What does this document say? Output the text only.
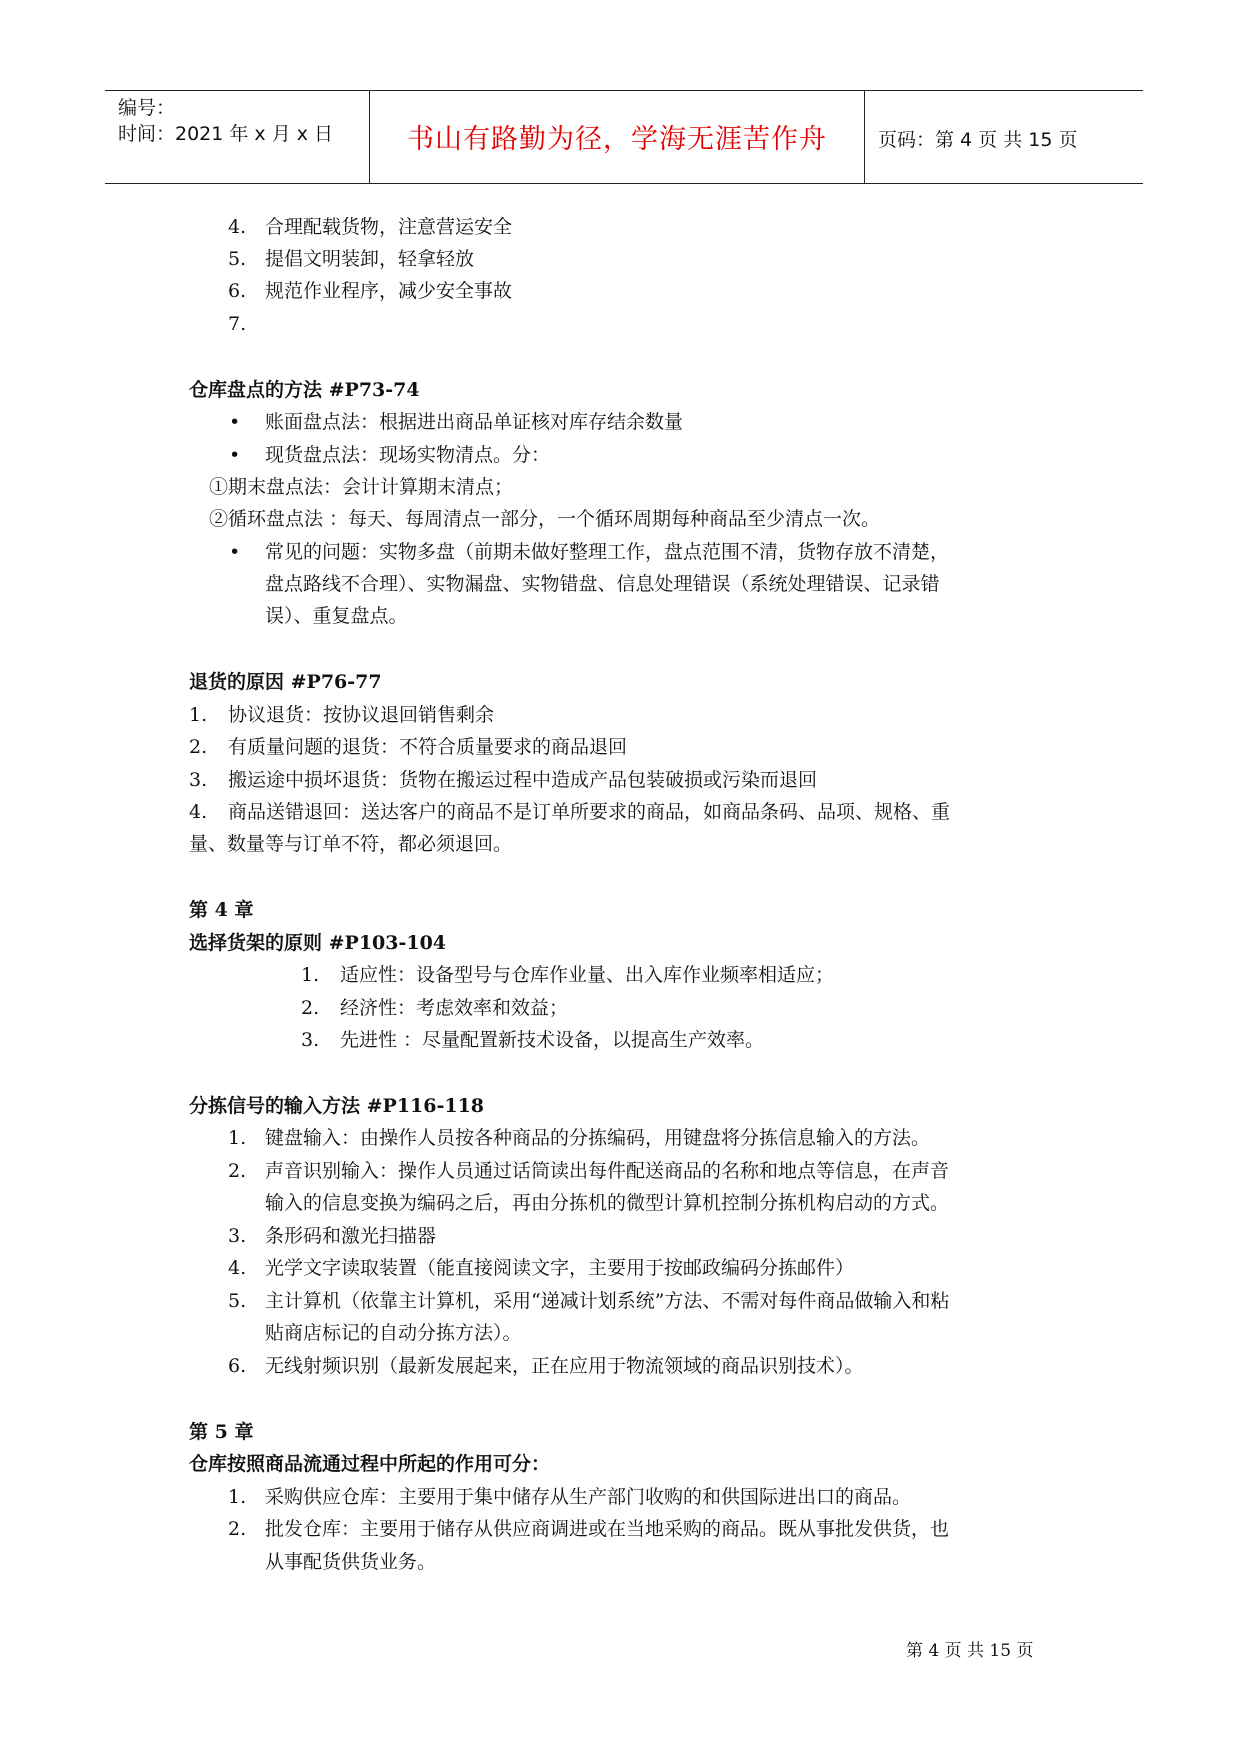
编号：
时间：2021 年 x 月 x 日	书山有路勤为径，学海无涯苦作舟	页码：第 4 页 共 15 页
4. 合理配载货物，注意营运安全
5. 提倡文明装卸，轻拿轻放
6. 规范作业程序，减少安全事故
7.
仓库盘点的方法 #P73-74
• 账面盘点法：根据进出商品单证核对库存结余数量
• 现货盘点法：现场实物清点。分：
①期末盘点法：会计计算期末清点；
②循环盘点法 ：每天、每周清点一部分，一个循环周期每种商品至少清点一次。
• 常见的问题：实物多盘（前期未做好整理工作，盘点范围不清，货物存放不清楚，
盘点路线不合理）、实物漏盘、实物错盘、信息处理错误（系统处理错误、记录错
误）、重复盘点。
退货的原因 #P76-77
1. 协议退货：按协议退回销售剩余
2. 有质量问题的退货：不符合质量要求的商品退回
3. 搬运途中损坏退货：货物在搬运过程中造成产品包装破损或污染而退回
4. 商品送错退回：送达客户的商品不是订单所要求的商品，如商品条码、品项、规格、重
量、数量等与订单不符，都必须退回。
第 4 章
选择货架的原则 #P103-104
1. 适应性：设备型号与仓库作业量、出入库作业频率相适应；
2. 经济性：考虑效率和效益；
3. 先进性 ：尽量配置新技术设备，以提高生产效率。
分拣信号的输入方法 #P116-118
1. 键盘输入：由操作人员按各种商品的分拣编码，用键盘将分拣信息输入的方法。
2. 声音识别输入：操作人员通过话筒读出每件配送商品的名称和地点等信息，在声音
输入的信息变换为编码之后，再由分拣机的微型计算机控制分拣机构启动的方式。
3. 条形码和激光扫描器
4. 光学文字读取装置（能直接阅读文字，主要用于按邮政编码分拣邮件）
5. 主计算机（依靠主计算机，采用“递减计划系统”方法、不需对每件商品做输入和粘
贴商店标记的自动分拣方法）。
6. 无线射频识别（最新发展起来，正在应用于物流领域的商品识别技术）。
第 5 章
仓库按照商品流通过程中所起的作用可分：
1. 采购供应仓库：主要用于集中储存从生产部门收购的和供国际进出口的商品。
2. 批发仓库：主要用于储存从供应商调进或在当地采购的商品。既从事批发供货，也
从事配货供货业务。
第 4 页 共 15 页
